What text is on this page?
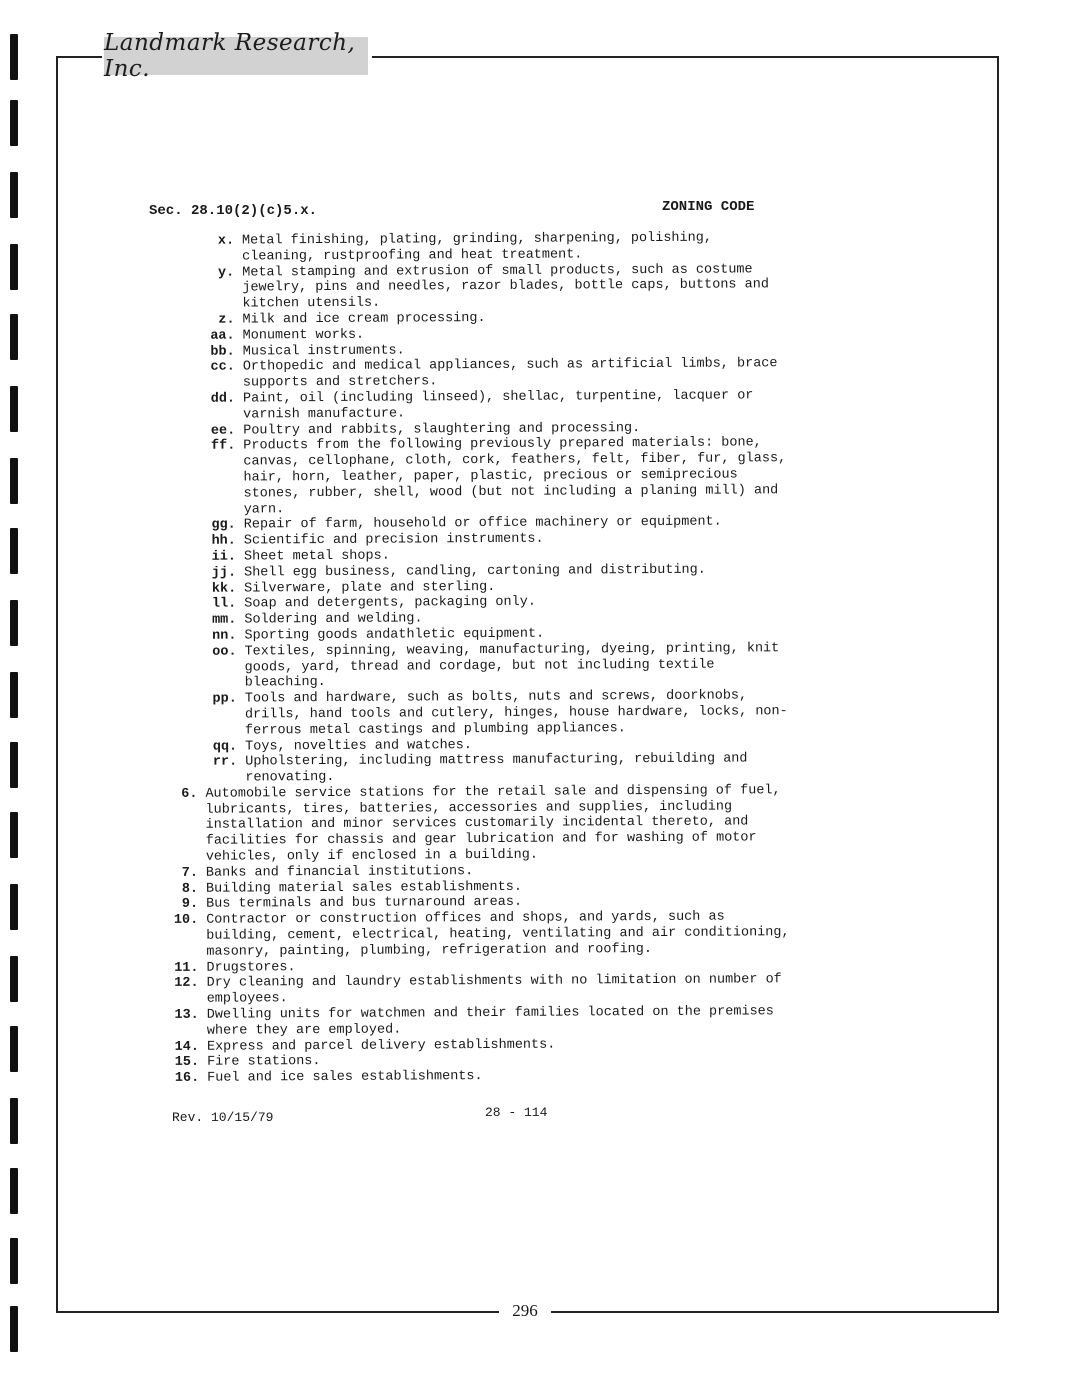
Landmark Research, Inc.
Sec. 28.10(2)(c)5.x.	ZONING CODE
x. Metal finishing, plating, grinding, sharpening, polishing, cleaning, rustproofing and heat treatment.
y. Metal stamping and extrusion of small products, such as costume jewelry, pins and needles, razor blades, bottle caps, buttons and kitchen utensils.
z. Milk and ice cream processing.
aa. Monument works.
bb. Musical instruments.
cc. Orthopedic and medical appliances, such as artificial limbs, brace supports and stretchers.
dd. Paint, oil (including linseed), shellac, turpentine, lacquer or varnish manufacture.
ee. Poultry and rabbits, slaughtering and processing.
ff. Products from the following previously prepared materials: bone, canvas, cellophane, cloth, cork, feathers, felt, fiber, fur, glass, hair, horn, leather, paper, plastic, precious or semiprecious stones, rubber, shell, wood (but not including a planing mill) and yarn.
gg. Repair of farm, household or office machinery or equipment.
hh. Scientific and precision instruments.
ii. Sheet metal shops.
jj. Shell egg business, candling, cartoning and distributing.
kk. Silverware, plate and sterling.
ll. Soap and detergents, packaging only.
mm. Soldering and welding.
nn. Sporting goods andathletic equipment.
oo. Textiles, spinning, weaving, manufacturing, dyeing, printing, knit goods, yard, thread and cordage, but not including textile bleaching.
pp. Tools and hardware, such as bolts, nuts and screws, doorknobs, drills, hand tools and cutlery, hinges, house hardware, locks, non-ferrous metal castings and plumbing appliances.
qq. Toys, novelties and watches.
rr. Upholstering, including mattress manufacturing, rebuilding and renovating.
6. Automobile service stations for the retail sale and dispensing of fuel, lubricants, tires, batteries, accessories and supplies, including installation and minor services customarily incidental thereto, and facilities for chassis and gear lubrication and for washing of motor vehicles, only if enclosed in a building.
7. Banks and financial institutions.
8. Building material sales establishments.
9. Bus terminals and bus turnaround areas.
10. Contractor or construction offices and shops, and yards, such as building, cement, electrical, heating, ventilating and air conditioning, masonry, painting, plumbing, refrigeration and roofing.
11. Drugstores.
12. Dry cleaning and laundry establishments with no limitation on number of employees.
13. Dwelling units for watchmen and their families located on the premises where they are employed.
14. Express and parcel delivery establishments.
15. Fire stations.
16. Fuel and ice sales establishments.
Rev. 10/15/79	28 - 114
296
